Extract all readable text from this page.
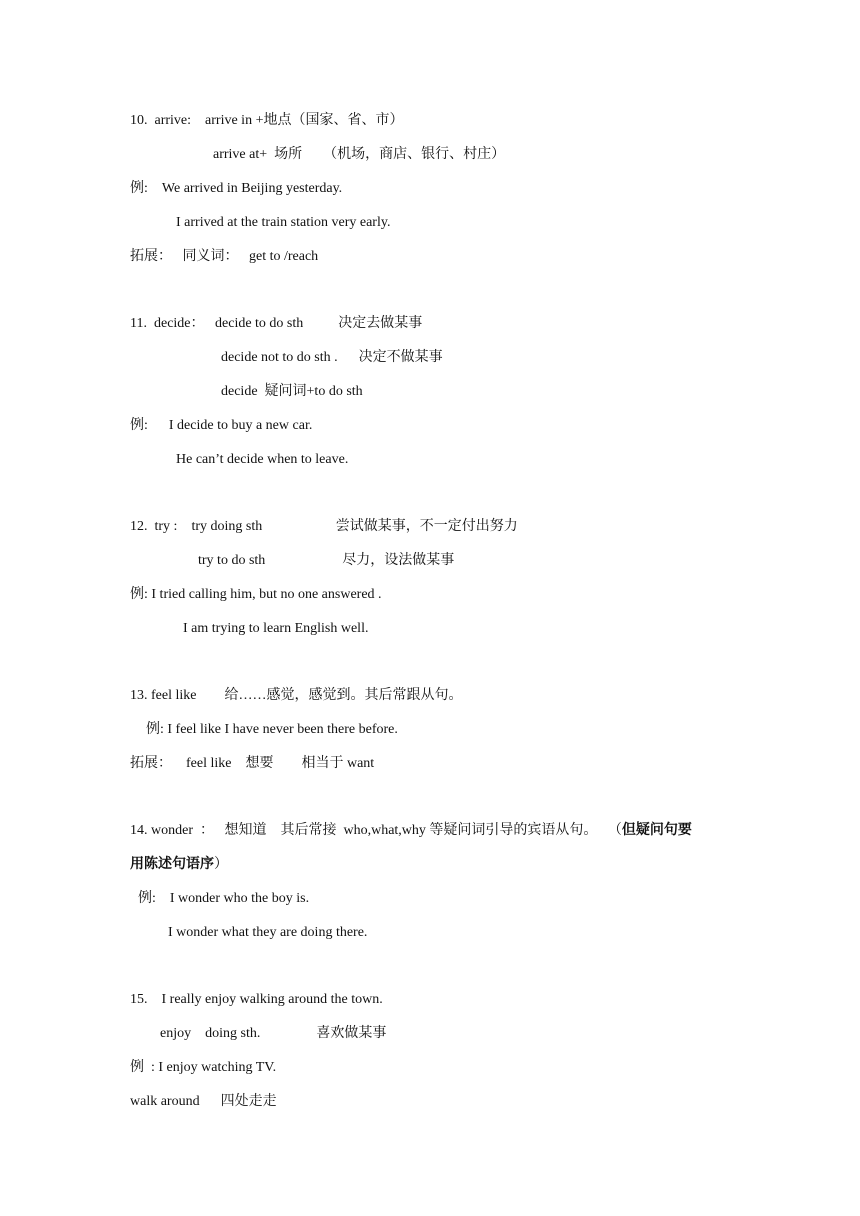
10.  arrive:    arrive in +地点（国家、省、市）
arrive at+  场所      （机场，商店、银行、村庄）
例:    We arrived in Beijing yesterday.
I arrived at the train station very early.
拓展：   同义词：   get to /reach
11.  decide：   decide to do sth          决定去做某事
decide not to do sth .      决定不做某事
decide  疑问词+to do sth
例:      I decide to buy a new car.
He can’t decide when to leave.
12.  try :    try doing sth                     尝试做某事，不一定付出努力
try to do sth                      尽力，设法做某事
例: I tried calling him, but no one answered .
I am trying to learn English well.
13. feel like        给……感觉，感觉到。其后常跟从句。
例: I feel like I have never been there before.
拓展：    feel like    想要        相当于 want
14. wonder  ：   想知道    其后常接  who,what,why 等疑问词引导的宾语从句。   （但疑问句要
用陈述句语序）
例:    I wonder who the boy is.
I wonder what they are doing there.
15.    I really enjoy walking around the town.
enjoy    doing sth.                喜欢做某事
例  : I enjoy watching TV.
walk around      四处走走
